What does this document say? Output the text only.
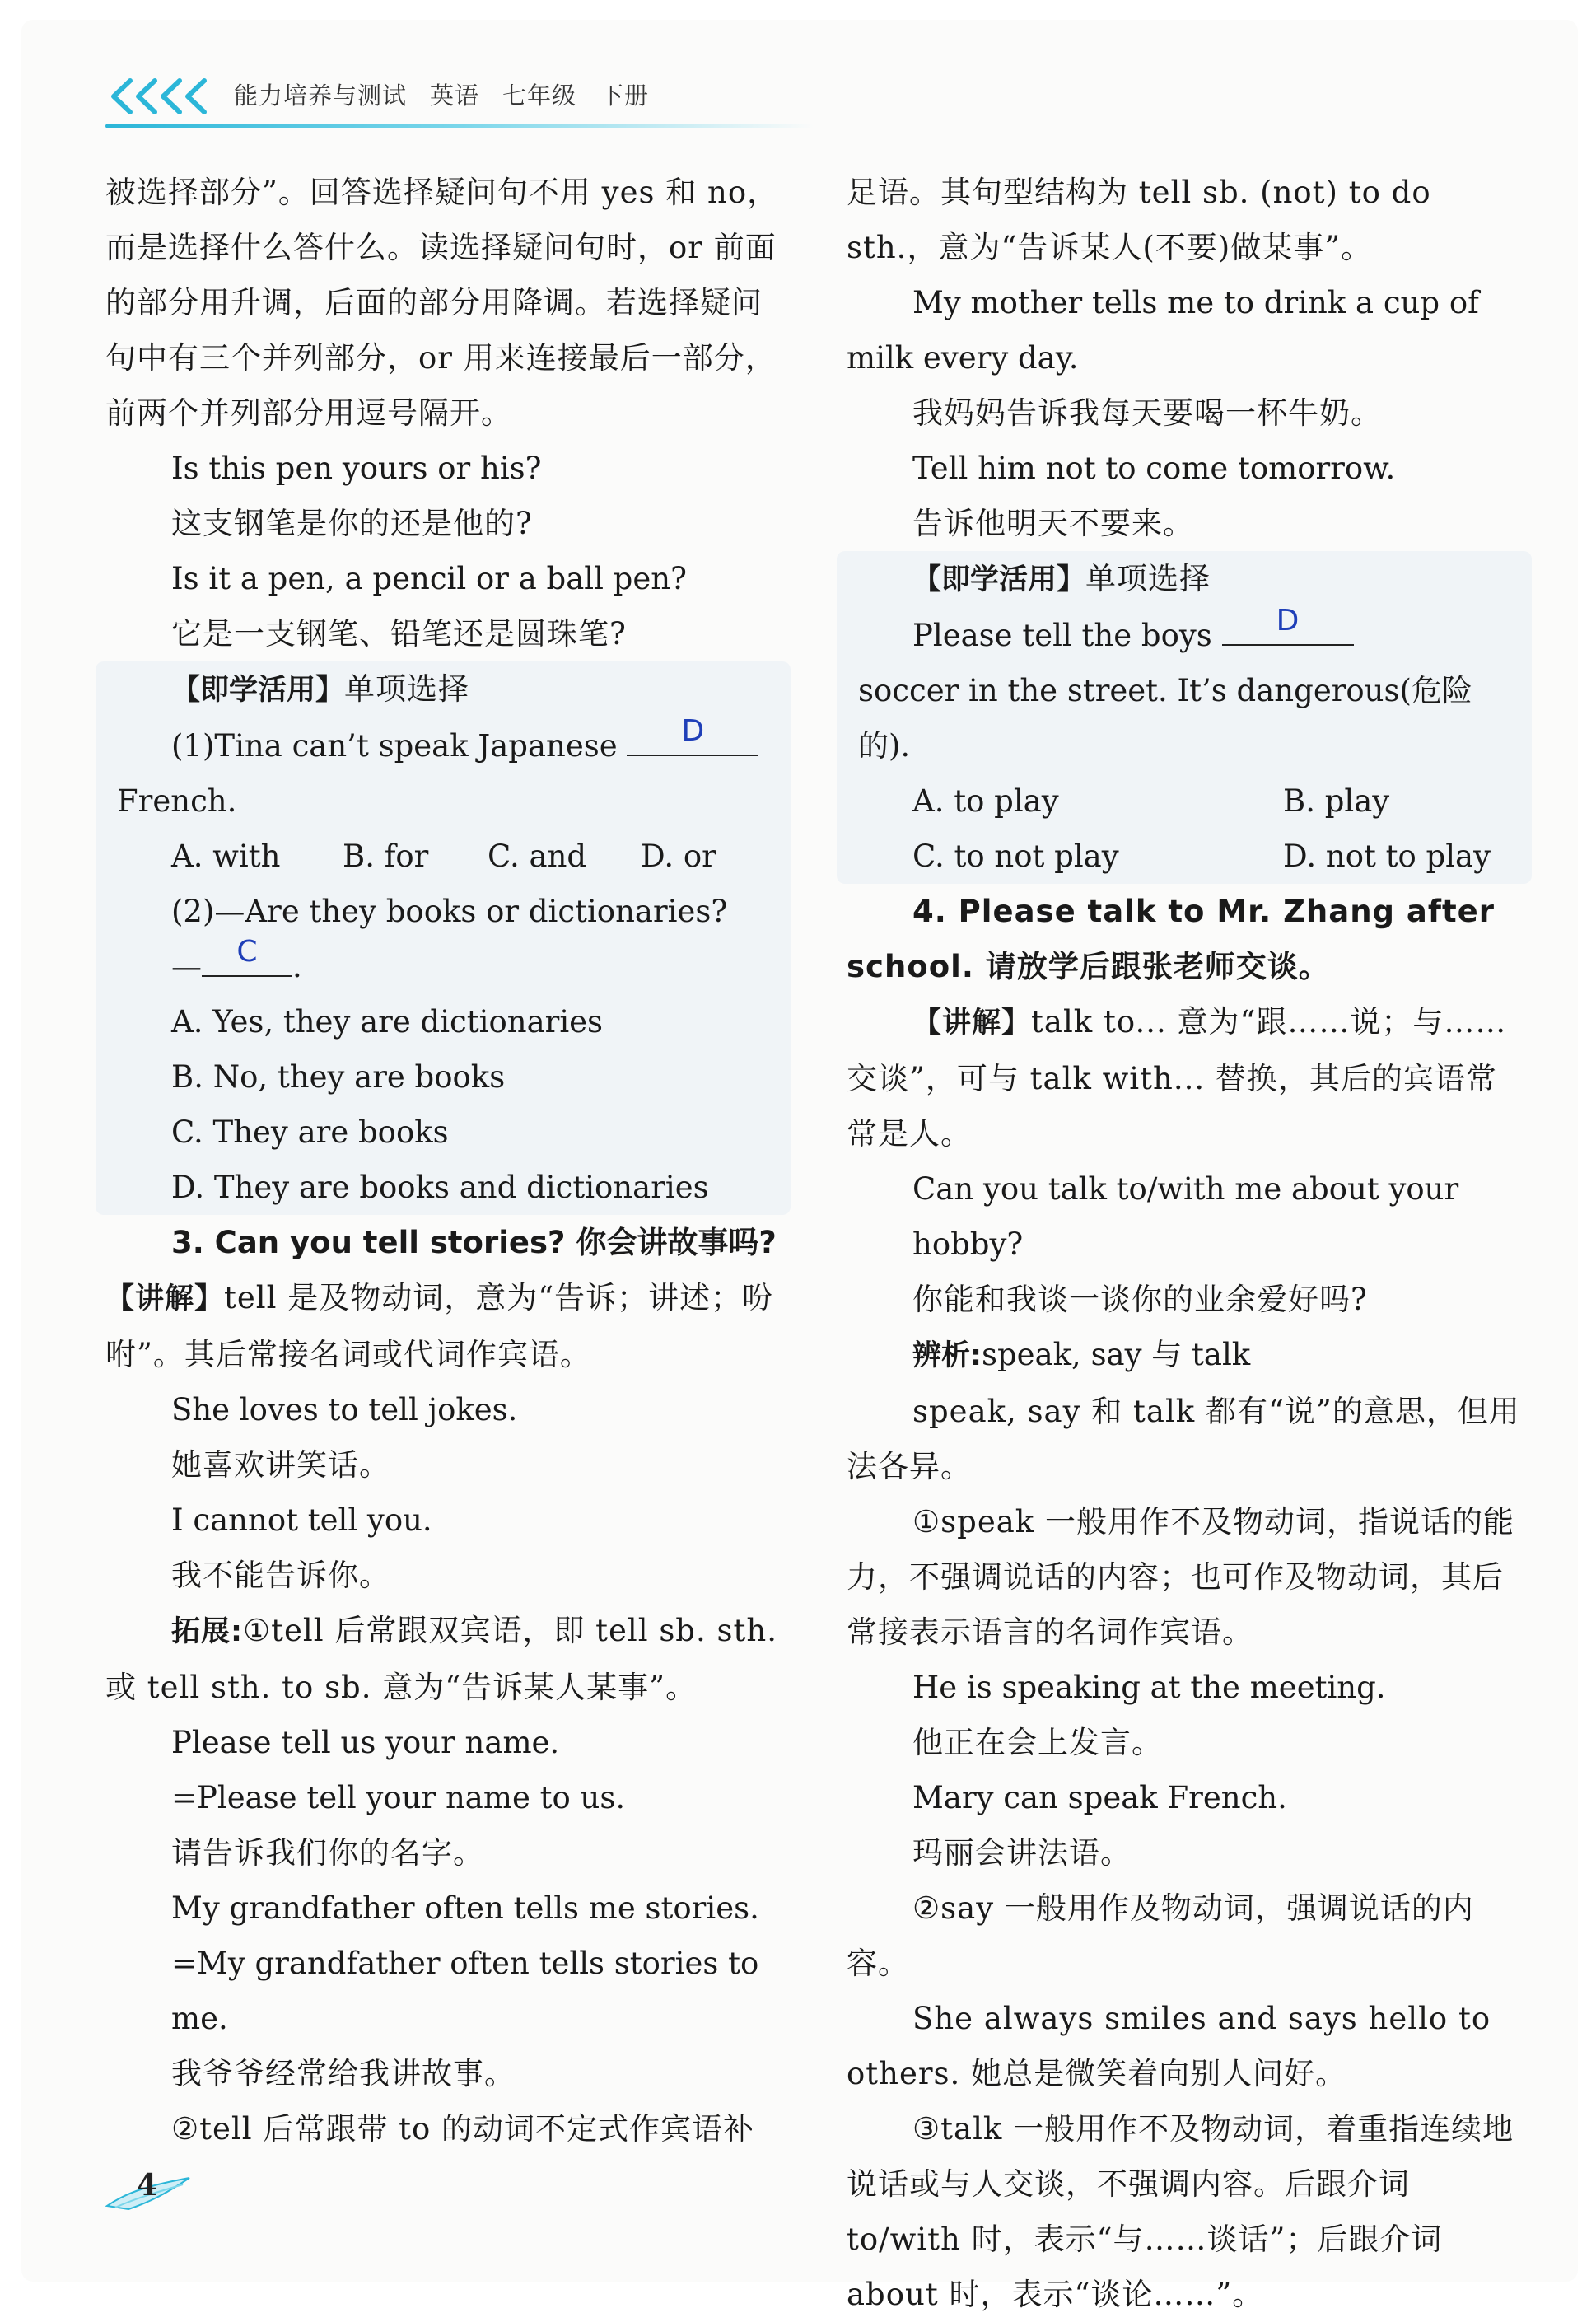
能力培养与测试 英语 七年级 下册

被选择部分”。回答选择疑问句不用 yes 和 no，而是选择什么答什么。读选择疑问句时，or 前面的部分用升调，后面的部分用降调。若选择疑问句中有三个并列部分，or 用来连接最后一部分，前两个并列部分用逗号隔开。

Is this pen yours or his?

这支钢笔是你的还是他的?

Is it a pen, a pencil or a ball pen?

它是一支钢笔、铅笔还是圆珠笔?

【即学活用】单项选择

(1)Tina can’t speak Japanese	D

French.

A. with	B. for	C. and	D. or

(2)—Are they books or dictionaries?

—	C	.

A. Yes, they are dictionaries

B. No, they are books

C. They are books

D. They are books and dictionaries

3. Can you tell stories? 你会讲故事吗?

【讲解】tell 是及物动词，意为“告诉；讲述；吩咐”。其后常接名词或代词作宾语。

She loves to tell jokes.

她喜欢讲笑话。

I cannot tell you.

我不能告诉你。

拓展:①tell 后常跟双宾语，即 tell sb. sth. 或 tell sth. to sb. 意为“告诉某人某事”。

Please tell us your name.

=Please tell your name to us.

请告诉我们你的名字。

My grandfather often tells me stories.

=My grandfather often tells stories to me.

我爷爷经常给我讲故事。

②tell 后常跟带 to 的动词不定式作宾语补

足语。其句型结构为 tell sb. (not) to do sth.，意为“告诉某人(不要)做某事”。

My mother tells me to drink a cup of milk every day.

我妈妈告诉我每天要喝一杯牛奶。

Tell him not to come tomorrow.

告诉他明天不要来。

【即学活用】单项选择

Please tell the boys	D

soccer in the street. It’s dangerous(危险的).

A. to play	B. play

C. to not play	D. not to play

4. Please talk to Mr. Zhang after school. 请放学后跟张老师交谈。

【讲解】talk to... 意为“跟……说；与……交谈”，可与 talk with... 替换，其后的宾语常常是人。

Can you talk to/with me about your hobby?

你能和我谈一谈你的业余爱好吗?

辨析:speak, say 与 talk

speak, say 和 talk 都有“说”的意思，但用法各异。

①speak 一般用作不及物动词，指说话的能力，不强调说话的内容；也可作及物动词，其后常接表示语言的名词作宾语。

He is speaking at the meeting.

他正在会上发言。

Mary can speak French.

玛丽会讲法语。

②say 一般用作及物动词，强调说话的内容。

She always smiles and says hello to others. 她总是微笑着向别人问好。

③talk 一般用作不及物动词，着重指连续地说话或与人交谈，不强调内容。后跟介词 to/with 时，表示“与……谈话”；后跟介词 about 时，表示“谈论……”。

4
